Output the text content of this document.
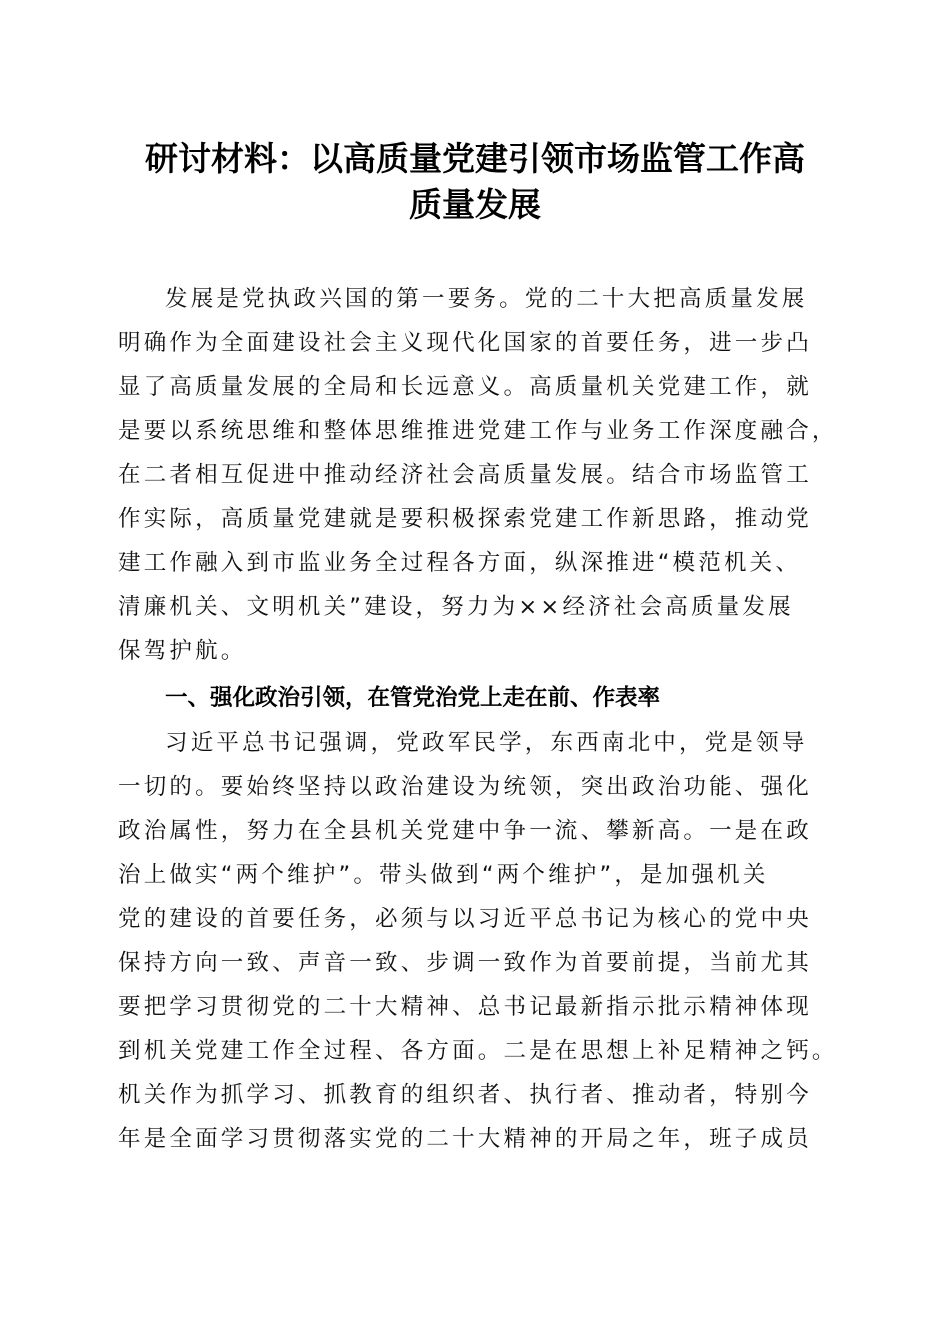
研讨材料：以高质量党建引领市场监管工作高
质量发展
发展是党执政兴国的第一要务。党的二十大把高质量发展
明确作为全面建设社会主义现代化国家的首要任务，进一步凸
显了高质量发展的全局和长远意义。高质量机关党建工作，就
是要以系统思维和整体思维推进党建工作与业务工作深度融合，
在二者相互促进中推动经济社会高质量发展。结合市场监管工
作实际，高质量党建就是要积极探索党建工作新思路，推动党
建工作融入到市监业务全过程各方面，纵深推进“模范机关、
清廉机关、文明机关”建设，努力为××经济社会高质量发展
保驾护航。
一、强化政治引领，在管党治党上走在前、作表率
习近平总书记强调，党政军民学，东西南北中，党是领导
一切的。要始终坚持以政治建设为统领，突出政治功能、强化
政治属性，努力在全县机关党建中争一流、攀新高。一是在政
治上做实“两个维护”。带头做到“两个维护”，是加强机关
党的建设的首要任务，必须与以习近平总书记为核心的党中央
保持方向一致、声音一致、步调一致作为首要前提，当前尤其
要把学习贯彻党的二十大精神、总书记最新指示批示精神体现
到机关党建工作全过程、各方面。二是在思想上补足精神之钙。
机关作为抓学习、抓教育的组织者、执行者、推动者，特别今
年是全面学习贯彻落实党的二十大精神的开局之年，班子成员
